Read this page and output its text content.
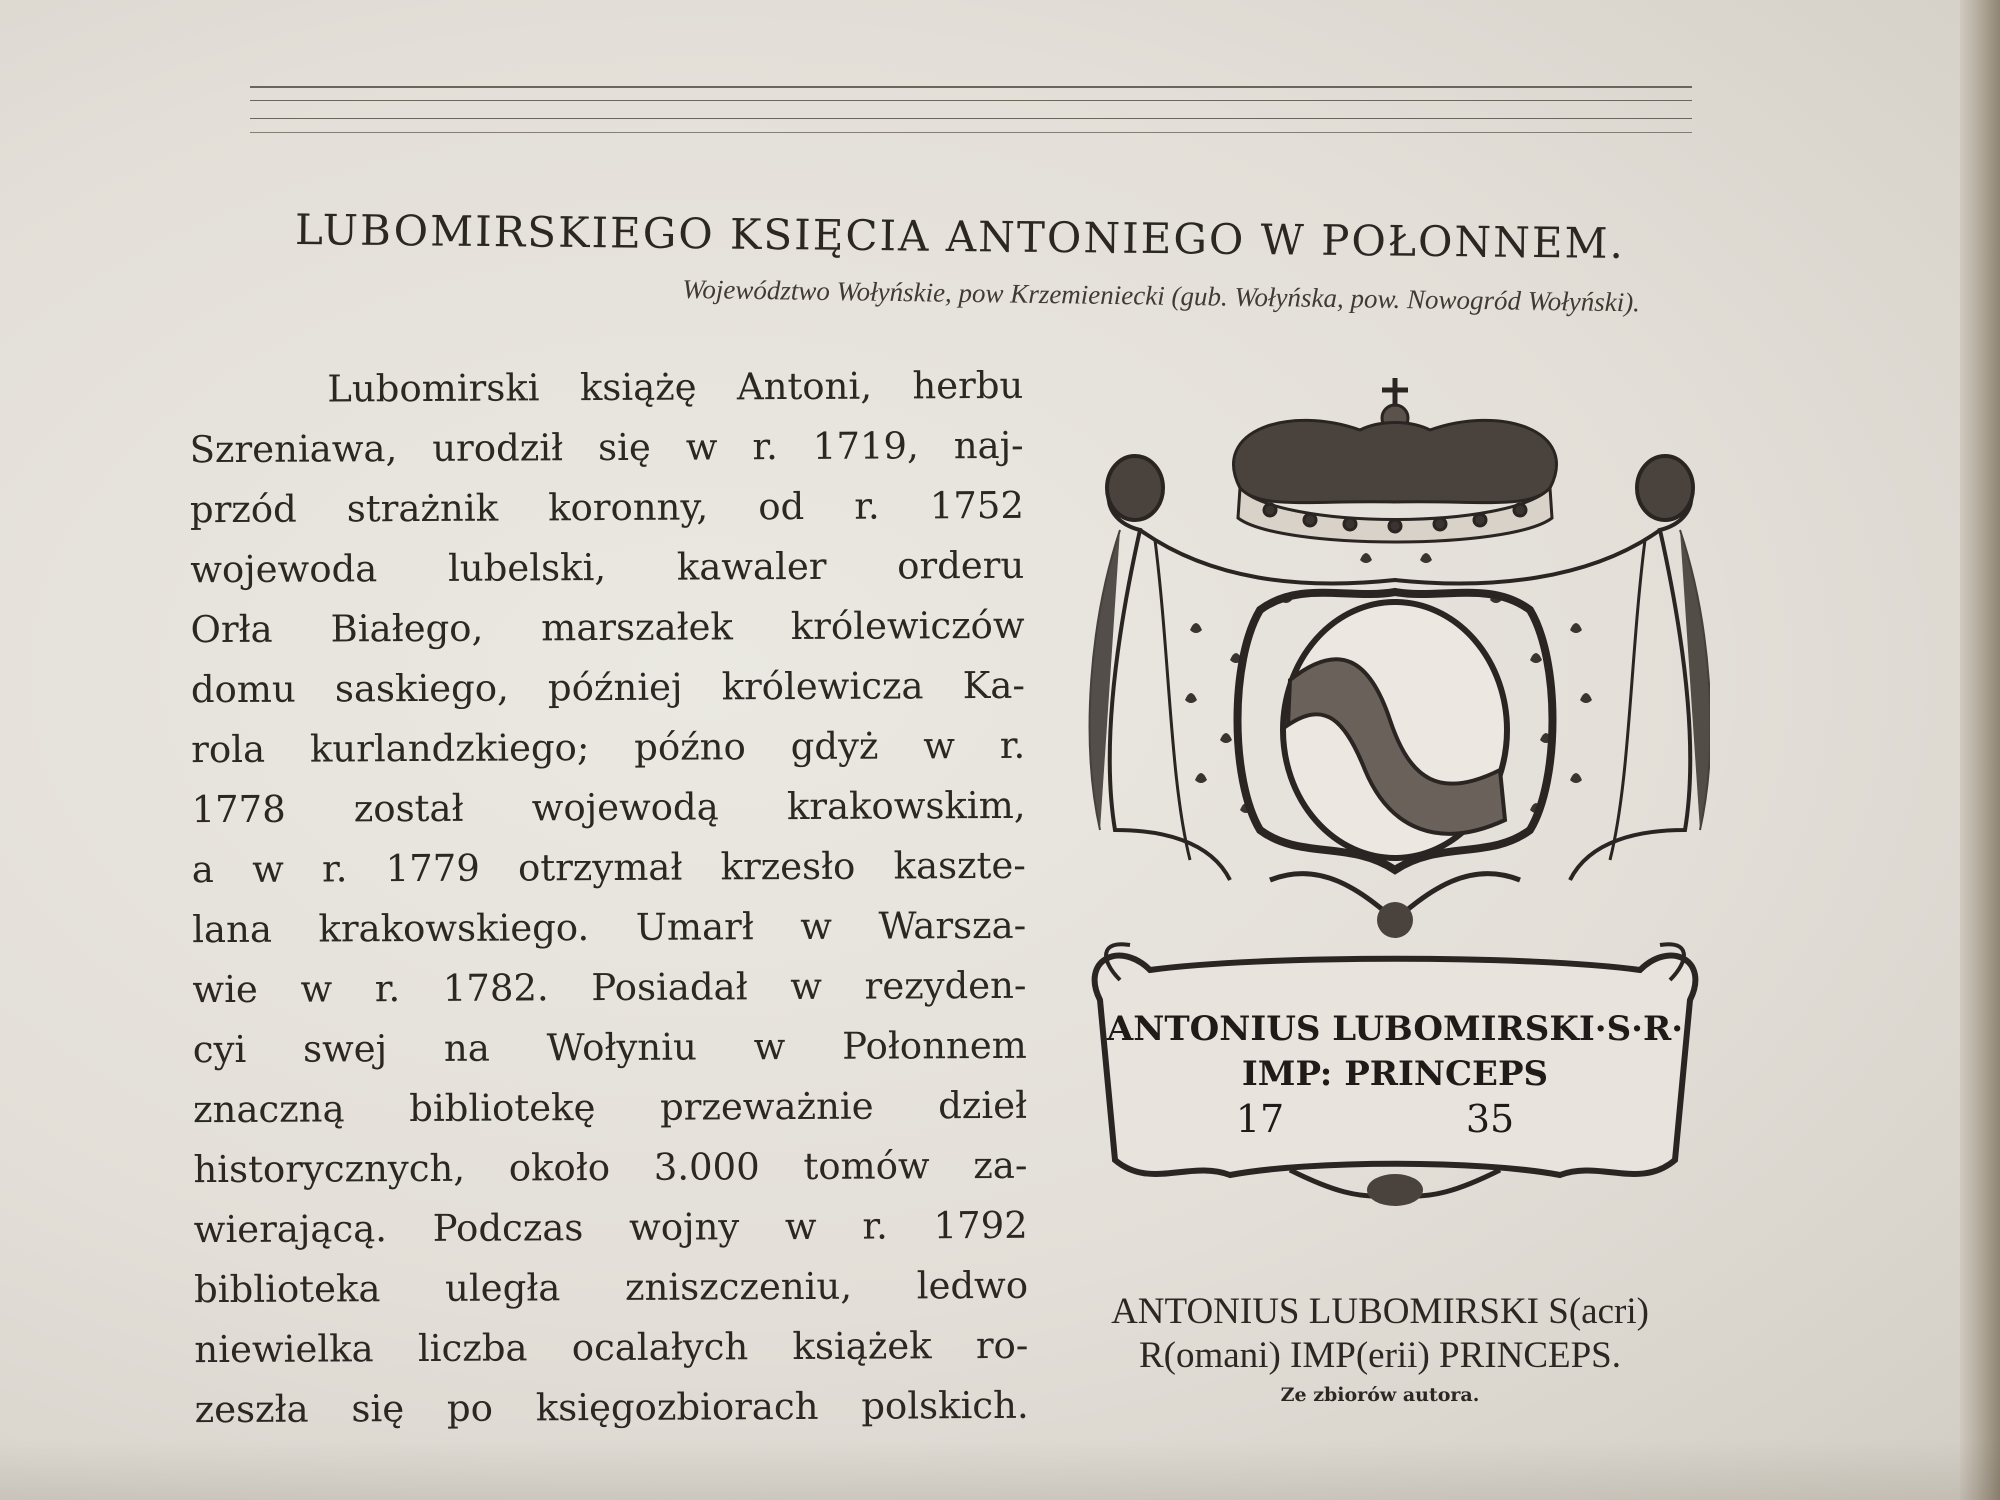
LUBOMIRSKIEGO KSIĘCIA ANTONIEGO W POŁONNEM.
Województwo Wołyńskie, pow Krzemieniecki (gub. Wołyńska, pow. Nowogród Wołyński).
Lubomirski książę Antoni, herbu
Szreniawa, urodził się w r. 1719, naj-
przód strażnik koronny, od r. 1752
wojewoda lubelski, kawaler orderu
Orła Białego, marszałek królewiczów
domu saskiego, później królewicza Ka-
rola kurlandzkiego; późno gdyż w r.
1778 został wojewodą krakowskim,
a w r. 1779 otrzymał krzesło kaszte-
lana krakowskiego. Umarł w Warsza-
wie w r. 1782. Posiadał w rezyden-
cyi swej na Wołyniu w Połonnem
znaczną bibliotekę przeważnie dzieł
historycznych, około 3.000 tomów za-
wierającą. Podczas wojny w r. 1792
biblioteka uległa zniszczeniu, ledwo
niewielka liczba ocalałych książek ro-
zeszła się po księgozbiorach polskich.
ANTONIUS LUBOMIRSKI·S·R·
IMP: PRINCEPS
17	35
ANTONIUS LUBOMIRSKI S(acri)
R(omani) IMP(erii) PRINCEPS.
Ze zbiorów autora.
